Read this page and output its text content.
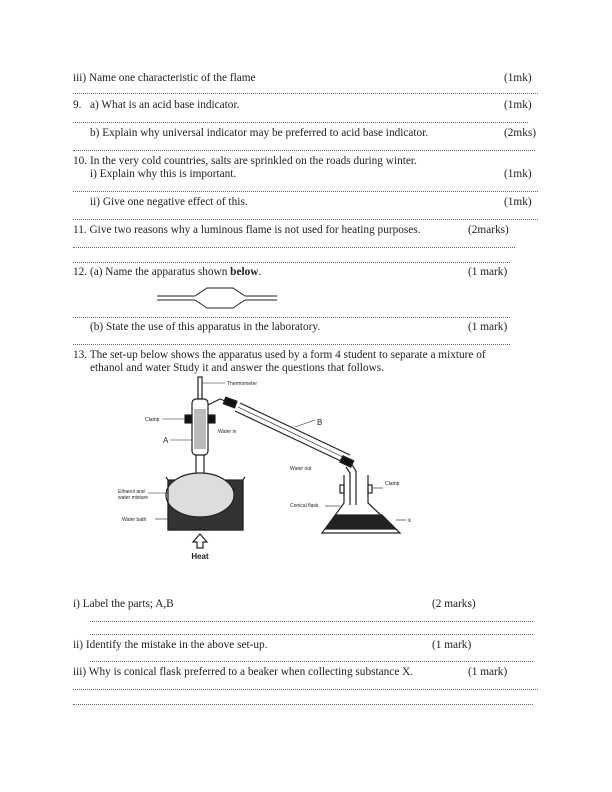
iii) Name one characteristic of the flame	(1mk)
9. a) What is an acid base indicator.	(1mk)
b) Explain why universal indicator may be preferred to acid base indicator.	(2mks)
10. In the very cold countries, salts are sprinkled on the roads during winter.
i) Explain why this is important.	(1mk)
ii) Give one negative effect of this.	(1mk)
11. Give two reasons why a luminous flame is not used for heating purposes.	(2marks)
12. (a) Name the apparatus shown below.	(1 mark)
(b) State the use of this apparatus in the laboratory.	(1 mark)
13. The set-up below shows the apparatus used by a form 4 student to separate a mixture of
ethanol and water Study it and answer the questions that follows.
Thermometer
Clamp
Water in
Water out
Clamp
Conical flask
Ethanol and
water mixture
Water bath	x
Heat
A
B
i) Label the parts; A,B	(2 marks)
ii) Identify the mistake in the above set-up.	(1 mark)
iii) Why is conical flask preferred to a beaker when collecting substance X.	(1 mark)
